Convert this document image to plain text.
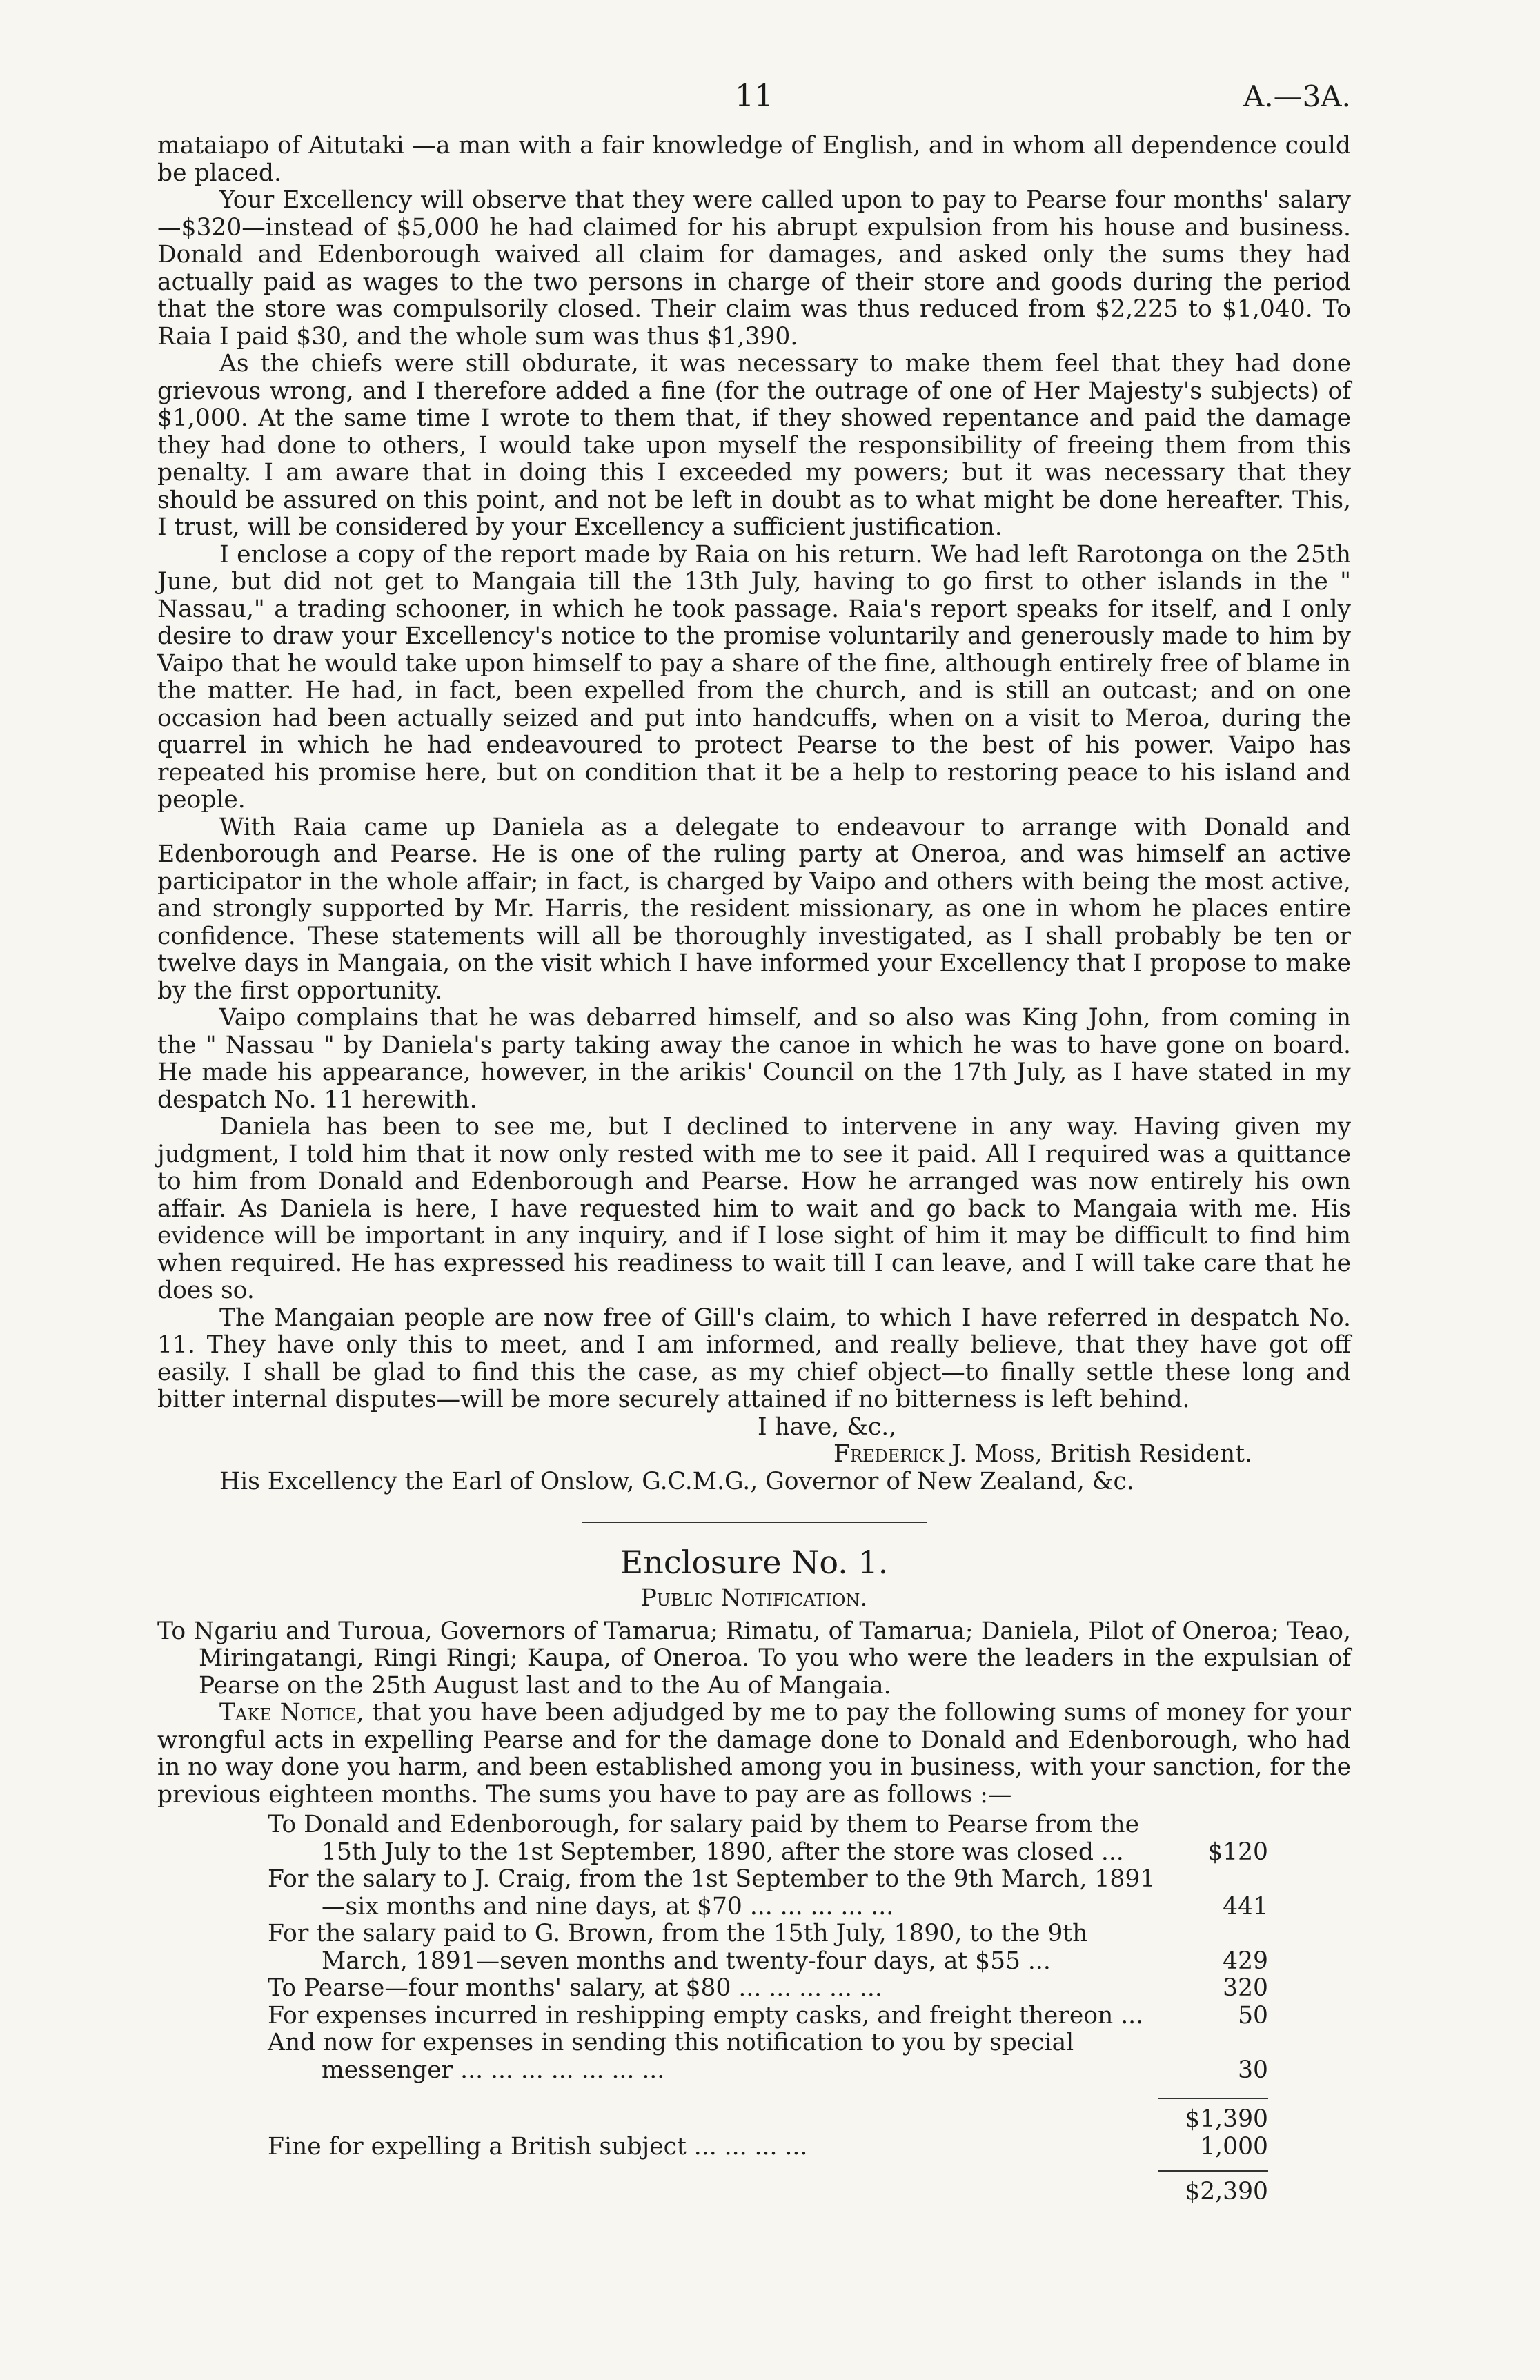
11	A.—3A.

mataiapo of Aitutaki —a man with a fair knowledge of English, and in whom all dependence could be placed.

Your Excellency will observe that they were called upon to pay to Pearse four months' salary—$320—instead of $5,000 he had claimed for his abrupt expulsion from his house and business. Donald and Edenborough waived all claim for damages, and asked only the sums they had actually paid as wages to the two persons in charge of their store and goods during the period that the store was compulsorily closed. Their claim was thus reduced from $2,225 to $1,040. To Raia I paid $30, and the whole sum was thus $1,390.

As the chiefs were still obdurate, it was necessary to make them feel that they had done grievous wrong, and I therefore added a fine (for the outrage of one of Her Majesty's subjects) of $1,000. At the same time I wrote to them that, if they showed repentance and paid the damage they had done to others, I would take upon myself the responsibility of freeing them from this penalty. I am aware that in doing this I exceeded my powers; but it was necessary that they should be assured on this point, and not be left in doubt as to what might be done hereafter. This, I trust, will be considered by your Excellency a sufficient justification.

I enclose a copy of the report made by Raia on his return. We had left Rarotonga on the 25th June, but did not get to Mangaia till the 13th July, having to go first to other islands in the " Nassau," a trading schooner, in which he took passage. Raia's report speaks for itself, and I only desire to draw your Excellency's notice to the promise voluntarily and generously made to him by Vaipo that he would take upon himself to pay a share of the fine, although entirely free of blame in the matter. He had, in fact, been expelled from the church, and is still an outcast; and on one occasion had been actually seized and put into handcuffs, when on a visit to Meroa, during the quarrel in which he had endeavoured to protect Pearse to the best of his power. Vaipo has repeated his promise here, but on condition that it be a help to restoring peace to his island and people.

With Raia came up Daniela as a delegate to endeavour to arrange with Donald and Edenborough and Pearse. He is one of the ruling party at Oneroa, and was himself an active participator in the whole affair; in fact, is charged by Vaipo and others with being the most active, and strongly supported by Mr. Harris, the resident missionary, as one in whom he places entire confidence. These statements will all be thoroughly investigated, as I shall probably be ten or twelve days in Mangaia, on the visit which I have informed your Excellency that I propose to make by the first opportunity.

Vaipo complains that he was debarred himself, and so also was King John, from coming in the " Nassau " by Daniela's party taking away the canoe in which he was to have gone on board. He made his appearance, however, in the arikis' Council on the 17th July, as I have stated in my despatch No. 11 herewith.

Daniela has been to see me, but I declined to intervene in any way. Having given my judgment, I told him that it now only rested with me to see it paid. All I required was a quittance to him from Donald and Edenborough and Pearse. How he arranged was now entirely his own affair. As Daniela is here, I have requested him to wait and go back to Mangaia with me. His evidence will be important in any inquiry, and if I lose sight of him it may be difficult to find him when required. He has expressed his readiness to wait till I can leave, and I will take care that he does so.

The Mangaian people are now free of Gill's claim, to which I have referred in despatch No. 11. They have only this to meet, and I am informed, and really believe, that they have got off easily. I shall be glad to find this the case, as my chief object—to finally settle these long and bitter internal disputes—will be more securely attained if no bitterness is left behind.

I have, &c.,

Frederick J. Moss, British Resident.

His Excellency the Earl of Onslow, G.C.M.G., Governor of New Zealand, &c.

Enclosure No. 1.
Public Notification.

To Ngariu and Turoua, Governors of Tamarua; Rimatu, of Tamarua; Daniela, Pilot of Oneroa; Teao, Miringatangi, Ringi Ringi; Kaupa, of Oneroa. To you who were the leaders in the expulsian of Pearse on the 25th August last and to the Au of Mangaia.

Take Notice, that you have been adjudged by me to pay the following sums of money for your wrongful acts in expelling Pearse and for the damage done to Donald and Edenborough, who had in no way done you harm, and been established among you in business, with your sanction, for the previous eighteen months. The sums you have to pay are as follows :—

To Donald and Edenborough, for salary paid by them to Pearse from the 15th July to the 1st September, 1890, after the store was closed ...	$120
For the salary to J. Craig, from the 1st September to the 9th March, 1891 —six months and nine days, at $70 ... ... ... ... ...	441
For the salary paid to G. Brown, from the 15th July, 1890, to the 9th March, 1891—seven months and twenty-four days, at $55 ...	429
To Pearse—four months' salary, at $80 ... ... ... ... ...	320
For expenses incurred in reshipping empty casks, and freight thereon ...	50
And now for expenses in sending this notification to you by special messenger ... ... ... ... ... ... ...	30
$1,390
Fine for expelling a British subject ... ... ... ...	1,000
$2,390
